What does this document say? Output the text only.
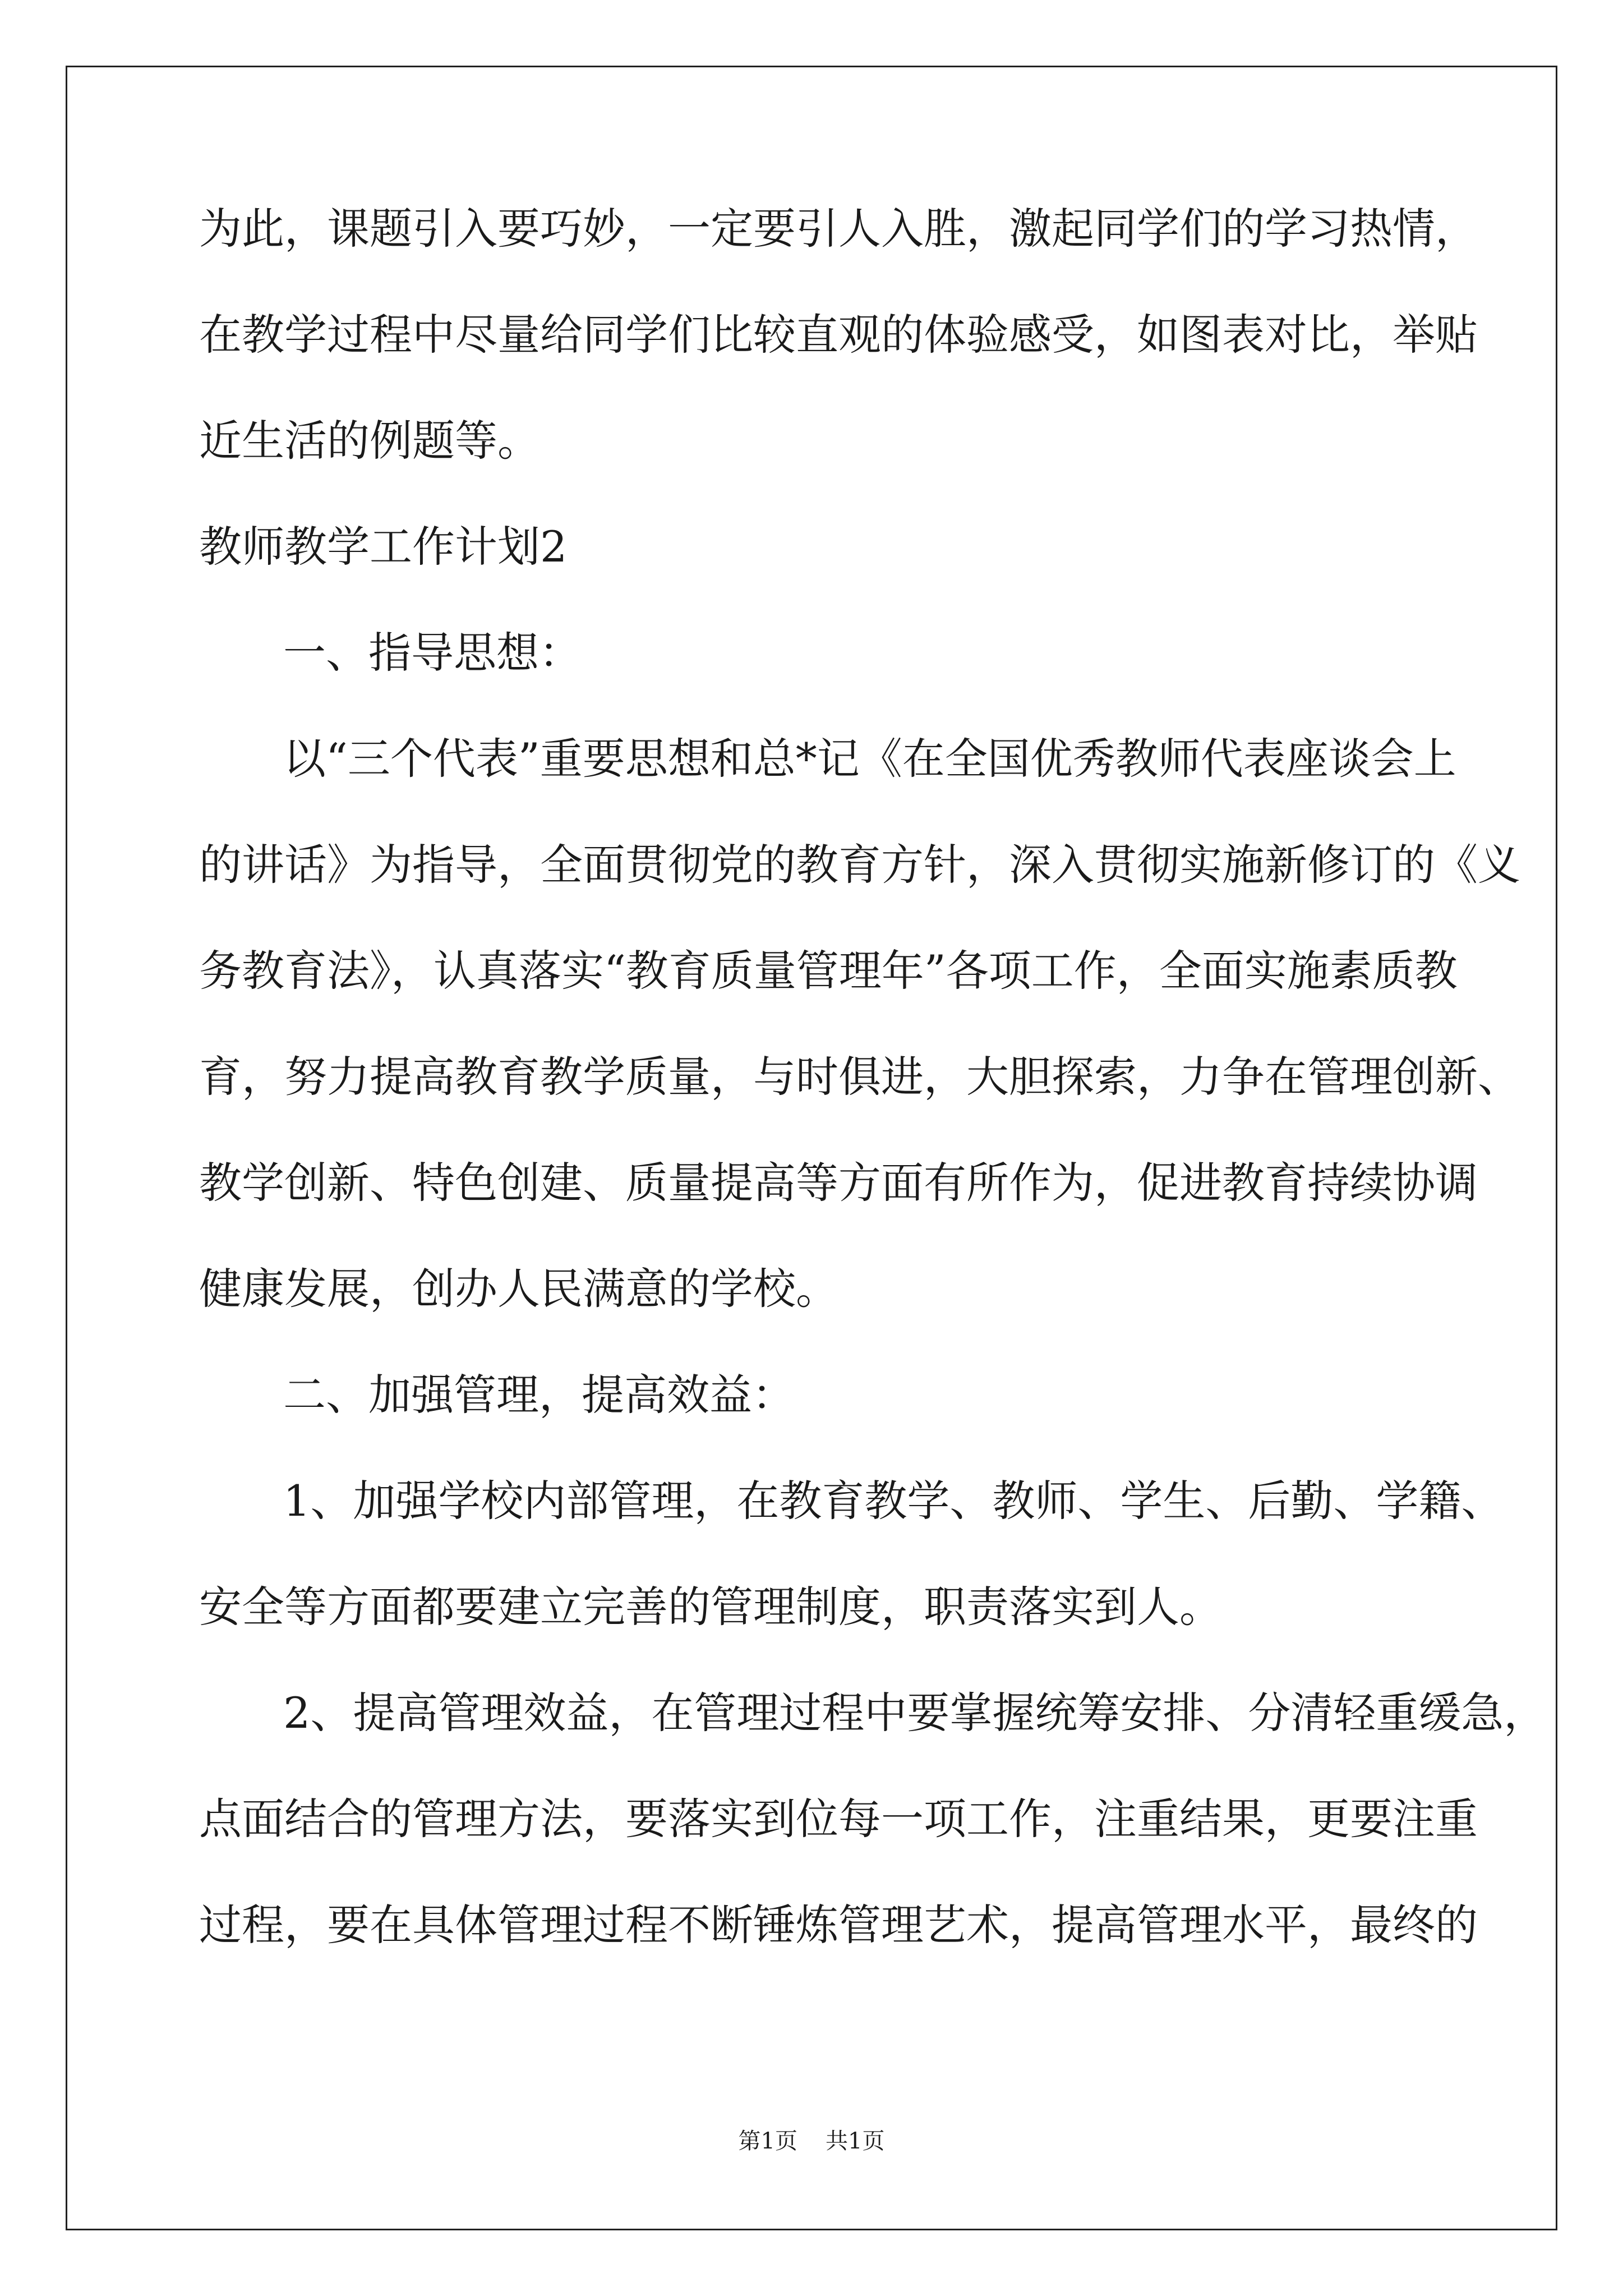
为此，课题引入要巧妙，一定要引人入胜，激起同学们的学习热情，
在教学过程中尽量给同学们比较直观的体验感受，如图表对比，举贴
近生活的例题等。
教师教学工作计划2
一、指导思想：
以“三个代表”重要思想和总*记《在全国优秀教师代表座谈会上
的讲话》为指导，全面贯彻党的教育方针，深入贯彻实施新修订的《义
务教育法》，认真落实“教育质量管理年”各项工作，全面实施素质教
育，努力提高教育教学质量，与时俱进，大胆探索，力争在管理创新、
教学创新、特色创建、质量提高等方面有所作为，促进教育持续协调
健康发展，创办人民满意的学校。
二、加强管理，提高效益：
1、加强学校内部管理，在教育教学、教师、学生、后勤、学籍、
安全等方面都要建立完善的管理制度，职责落实到人。
2、提高管理效益，在管理过程中要掌握统筹安排、分清轻重缓急，
点面结合的管理方法，要落实到位每一项工作，注重结果，更要注重
过程，要在具体管理过程不断锤炼管理艺术，提高管理水平，最终的
第1页 共1页
